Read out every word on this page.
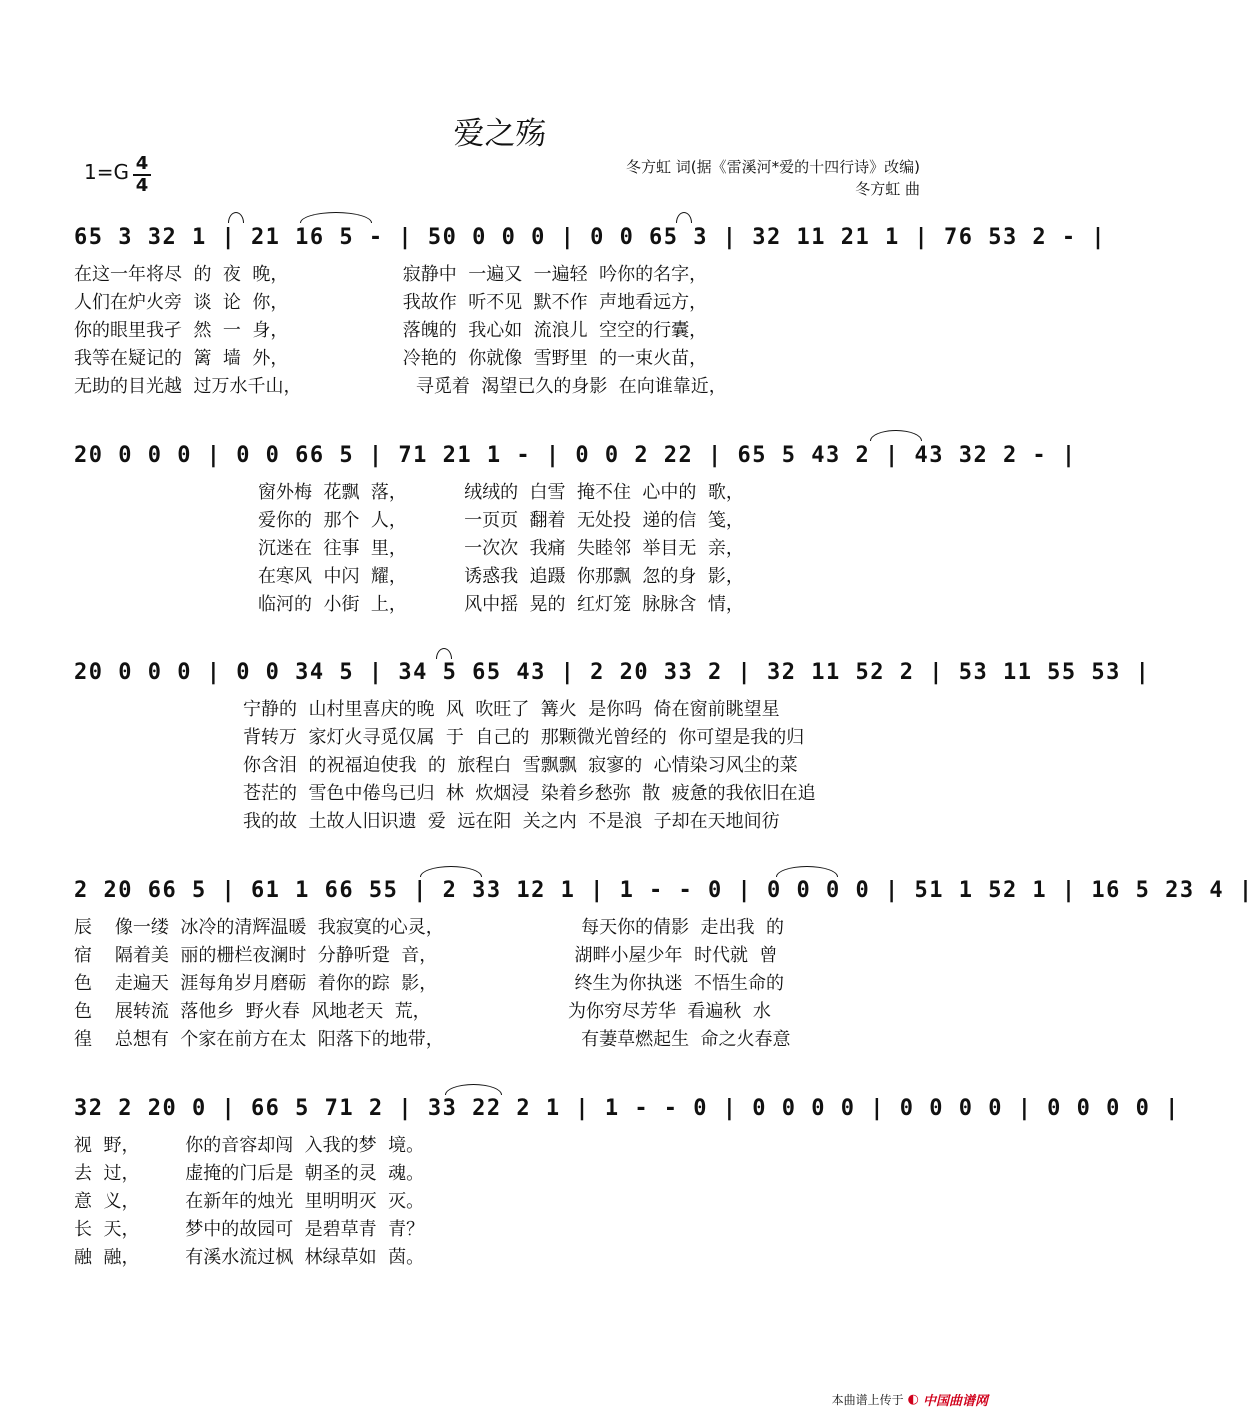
爱之殇
1=G 4
4
冬方虹 词(据《雷溪河*爱的十四行诗》改编)
冬方虹 曲
65 3 32 1 | 21 16 5 - | 50 0 0 0 | 0 0 65 3 | 32 11 21 1 | 76 53 2 - |
在这一年将尽  的  夜  晚，                    寂静中  一遍又  一遍轻  吟你的名字，
人们在炉火旁  谈  论  你，                    我故作  听不见  默不作  声地看远方，
你的眼里我孑  然  一  身，                    落魄的  我心如  流浪儿  空空的行囊，
我等在疑记的  篱  墙  外，                    冷艳的  你就像  雪野里  的一束火苗，
无助的目光越  过万水千山，                    寻觅着  渴望已久的身影  在向谁靠近，
20 0 0 0 | 0 0 66 5 | 71 21 1 - | 0 0 2 22 | 65 5 43 2 | 43 32 2 - |
窗外梅  花飘  落，          绒绒的  白雪  掩不住  心中的  歌，
爱你的  那个  人，          一页页  翻着  无处投  递的信  笺，
沉迷在  往事  里，          一次次  我痛  失睦邻  举目无  亲，
在寒风  中闪  耀，          诱惑我  追蹑  你那飘  忽的身  影，
临河的  小街  上，          风中摇  晃的  红灯笼  脉脉含  情，
20 0 0 0 | 0 0 34 5 | 34 5 65 43 | 2 20 33 2 | 32 11 52 2 | 53 11 55 53 |
宁静的  山村里喜庆的晚  风  吹旺了  篝火  是你吗  倚在窗前眺望星
背转万  家灯火寻觅仅属  于  自己的  那颗微光曾经的  你可望是我的归
你含泪  的祝福迫使我  的  旅程白  雪飘飘  寂寥的  心情染习风尘的菜
苍茫的  雪色中倦鸟已归  林  炊烟浸  染着乡愁弥  散  疲惫的我依旧在追
我的故  土故人旧识遗  爱  远在阳  关之内  不是浪  子却在天地间彷
2 20 66 5 | 61 1 66 55 | 2 33 12 1 | 1 - - 0 | 0 0 0 0 | 51 1 52 1 | 16 5 23 4 |
辰    像一缕  冰冷的清辉温暖  我寂寞的心灵，                        每天你的倩影  走出我  的
宿    隔着美  丽的栅栏夜澜时  分静听跫  音，                        湖畔小屋少年  时代就  曾
色    走遍天  涯每角岁月磨砺  着你的踪  影，                        终生为你执迷  不悟生命的
色    展转流  落他乡  野火春  风地老天  荒，                        为你穷尽芳华  看遍秋  水
徨    总想有  个家在前方在太  阳落下的地带，                        有萋草燃起生  命之火春意
32 2 20 0 | 66 5 71 2 | 33 22 2 1 | 1 - - 0 | 0 0 0 0 | 0 0 0 0 | 0 0 0 0 |
视  野，        你的音容却闯  入我的梦  境。
去  过，        虚掩的门后是  朝圣的灵  魂。
意  义，        在新年的烛光  里明明灭  灭。
长  天，        梦中的故园可  是碧草青  青？
融  融，        有溪水流过枫  林绿草如  茵。
本曲谱上传于 ◐ 中国曲谱网
